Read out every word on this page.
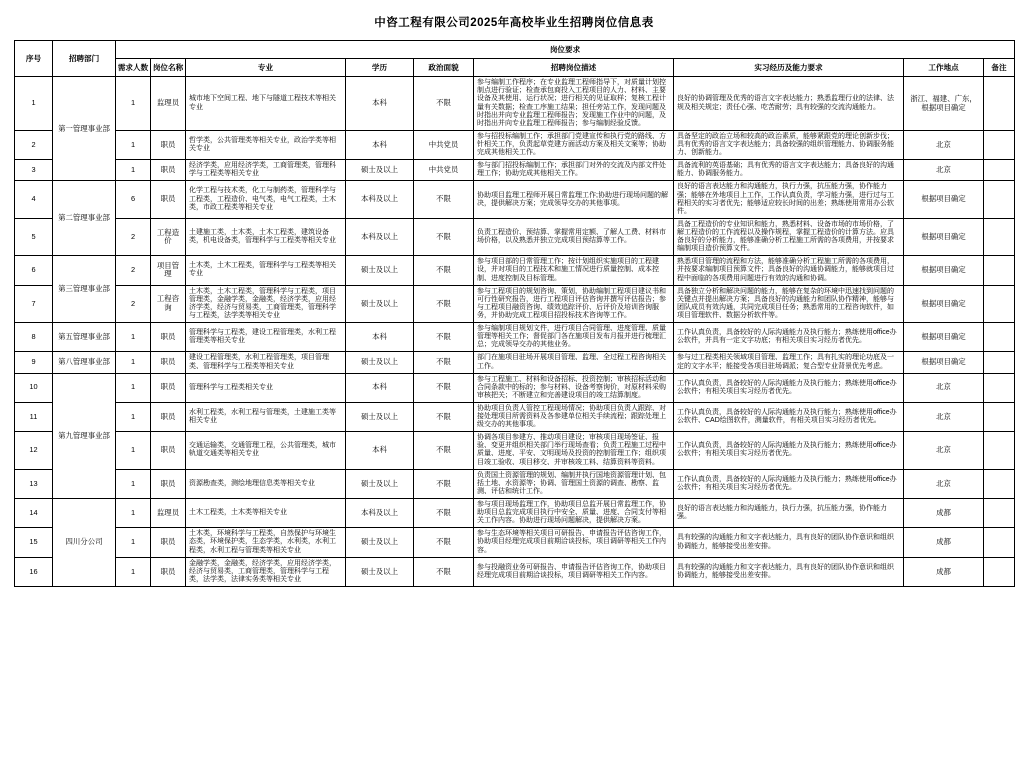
中咨工程有限公司2025年高校毕业生招聘岗位信息表
序号	招聘部门	岗位要求								
		需求人数	岗位名称	专业	学历	政治面貌	招聘岗位描述	实习经历及能力要求	工作地点	备注
1	第一管理事业部	1	监理员	城市地下空间工程、地下与隧道工程技术等相关专业	本科	不限	参与编制工作程序；在专业监理工程师指导下，对质量计划控制点进行验证；检查承包商投入工程项目的人力、材料、主要设备及其使用、运行状况；进行相关的见证取样；复核工程计量有关数据；检查工序施工结果；担任旁站工作，发现问题及时指出并向专业监理工程师报告；发现施工作业中的问题，及时指出并向专业监理工程师报告；参与编制经验反馈。	良好的协调管理及优秀的语言文字表达能力；熟悉监理行业的法律、法规及相关规定；责任心强、吃苦耐劳；具有较强的交流沟通能力。	浙江、福建、广东，根据项目确定	
2		1	职员	哲学类，公共管理类等相关专业，政治学类等相关专业	本科	中共党员	参与招投标编制工作；承担部门党建宣传和执行党的路线、方针相关工作，负责起草党建方面活动方案及相关文案等；协助完成其他相关工作。	具备坚定的政治立场和较高的政治素质，能够紧跟党的理论创新步伐；具有优秀的语言文字表达能力；具备较强的组织管理能力、协调服务能力、创新能力。	北京	
3		1	职员	经济学类，应用经济学类，工商管理类，管理科学与工程类等相关专业	硕士及以上	中共党员	参与部门招投标编制工作；承担部门对外的交流及内部文件处理工作；协助完成其他相关工作。	具备流利的英语基础；具有优秀的语言文字表达能力；具备良好的沟通能力、协调服务能力。	北京	
4	第二管理事业部	6	职员	化学工程与技术类，化工与制药类，管理科学与工程类，工程造价、电气类，电气工程类，土木类，市政工程类等相关专业	本科及以上	不限	协助项目监理工程师开展日常监理工作;协助进行现场问题的解决，提供解决方案；完成领导交办的其他事项。	良好的语言表达能力和沟通能力，执行力强，抗压能力强，协作能力强；能够在外地项目上工作，工作认真负责，学习能力强，进行过与工程相关的实习者优先；能够适应较长时间的出差；熟练使用常用办公软件。	根据项目确定	
5		2	工程造价	土建施工类，土木类，土木工程类，建筑设备类，机电设备类，管理科学与工程类等相关专业	本科及以上	不限	负责工程造价、预结算、掌握常用定额、了解人工费、材料市场价格，以及熟悉并独立完成项目预结算等工作。	具备工程造价的专业知识和能力，熟悉材料、设备市场的市场价格，了解工程造价的工作流程以及操作规程，掌握工程造价的计算方法。应具备良好的分析能力，能够准确分析工程施工所需的各项费用，并按要求编制项目造价预算文件。	根据项目确定	
6	第三管理事业部	2	项目管理	土木类，土木工程类，管理科学与工程类等相关专业	硕士及以上	不限	参与项目部的日常管理工作；按计划组织实施项目的工程建设，并对项目的工程技术和施工情况进行质量控制、成本控制、进度控制及目标管理。	熟悉项目管理的流程和方法，能够准确分析工程施工所需的各项费用，并按要求编制项目预算文件；具备良好的沟通协调能力，能够就项目过程中面临的各项费用问题进行有效的沟通和协调。	根据项目确定	
7		2	工程咨询	土木类，土木工程类，管理科学与工程类，项目管理类，金融学类，金融类，经济学类，应用经济学类，经济与贸易类，工商管理类，管理科学与工程类，法学类等相关专业	硕士及以上	不限	参与工程项目的规划咨询、策划，协助编制工程项目建议书和可行性研究报告，进行工程项目评估咨询并撰写评估报告；参与工程项目融资咨询、绩效追踪评价、后评价及培训咨询服务，并协助完成工程项目招投标技术咨询等工作。	具备独立分析和解决问题的能力，能够在复杂的环境中迅速找到问题的关键点并提出解决方案；具备良好的沟通能力和团队协作精神，能够与团队成员有效沟通，共同完成项目任务；熟悉常用的工程咨询软件，如项目管理软件、数据分析软件等。	根据项目确定	
8	第五管理事业部	1	职员	管理科学与工程类，建设工程管理类，水利工程管理类等相关专业	本科	不限	参与编制项目规划文件，进行项目合同管理、进度管理、质量管理等相关工作；督促部门各在施项目发布月报并进行梳理汇总；完成领导交办的其他业务。	工作认真负责，具备较好的人际沟通能力及执行能力；熟练使用office办公软件，并具有一定文字功底；有相关项目实习经历者优先。	根据项目确定	
9	第八管理事业部	1	职员	建设工程管理类，水利工程管理类，项目管理类、管理科学与工程类等相关专业	硕士及以上	不限	部门在施项目驻场开展项目管理、监理、全过程工程咨询相关工作。	参与过工程类相关领域项目管理、监理工作；具有扎实的理论功底及一定的文字水平；能接受各项目驻场调派；复合型专业背景优先考虑。	根据项目确定	
10	第九管理事业部	1	职员	管理科学与工程类相关专业	本科	不限	参与工程施工、材料和设备招标、投资控制；审核招标活动和合同条款中的标的；参与材料、设备考察询价，对原材料采购审核把关；不断建立和完善建设项目的竣工结算制度。	工作认真负责，具备较好的人际沟通能力及执行能力；熟练使用office办公软件；有相关项目实习经历者优先。	北京	
11		1	职员	水利工程类，水利工程与管理类，土建施工类等相关专业	硕士及以上	不限	协助项目负责人管控工程现场情况；协助项目负责人跟踪、对接处理项目所需资料及各参建单位相关手续流程；跟踪处理上级交办的其他事项。	工作认真负责，具备较好的人际沟通能力及执行能力；熟练使用office办公软件、CAD绘图软件，测量软件，有相关项目实习经历者优先。	北京	
12		1	职员	交通运输类，交通管理工程，公共管理类，城市轨道交通类等相关专业	本科	不限	协调各项目参建方、推动项目建设；审核项目现场签证、报验、变更并组织相关部门举行现场查看；负责工程施工过程中质量、进度、平安、文明现场及投资的控制管理工作；组织项目竣工验收、项目移交、并审核竣工料、结算资料等资料。	工作认真负责，具备较好的人际沟通能力及执行能力；熟练使用office办公软件；有相关项目实习经历者优先。	北京	
13		1	职员	资源勘查类，测绘地理信息类等相关专业	硕士及以上	不限	负责国土资源管理的规划、编制并执行国地资源管理计划、包括土地、水资源等；协调、管理国土资源的调查、勘察、监测、评估和统计工作。	工作认真负责，具备较好的人际沟通能力及执行能力；熟练使用office办公软件；有相关项目实习经历者优先。	北京	
14	四川分公司	1	监理员	土木工程类，土木类等相关专业	本科及以上	不限	参与项目现场监理工作，协助项目总监开展日常监理工作，协助项目总监完成项目执行中安全、质量、进度、合同支付等相关工作内容。协助进行现场问题解决，提供解决方案。	良好的语言表达能力和沟通能力，执行力强，抗压能力强，协作能力强。	成都	
15		1	职员	土木类，环境科学与工程类，自然保护与环境生态类，环境保护类，生态学类，水利类，水利工程类，水利工程与管理类等相关专业	硕士及以上	不限	参与生态环境等相关项目可研报告、申请报告评估咨询工作，协助项目经理完成项目前期洽谈投标，项目调研等相关工作内容。	具有较强的沟通能力和文字表达能力，具有良好的团队协作意识和组织协调能力，能够接受出差安排。	成都	
16		1	职员	金融学类，金融类，经济学类，应用经济学类，经济与贸易类，工商管理类，管理科学与工程类，法学类，法律实务类等相关专业	硕士及以上	不限	参与投融资业务可研报告、申请报告评估咨询工作，协助项目经理完成项目前期洽谈投标，项目调研等相关工作内容。	具有较强的沟通能力和文字表达能力，具有良好的团队协作意识和组织协调能力，能够接受出差安排。	成都	
